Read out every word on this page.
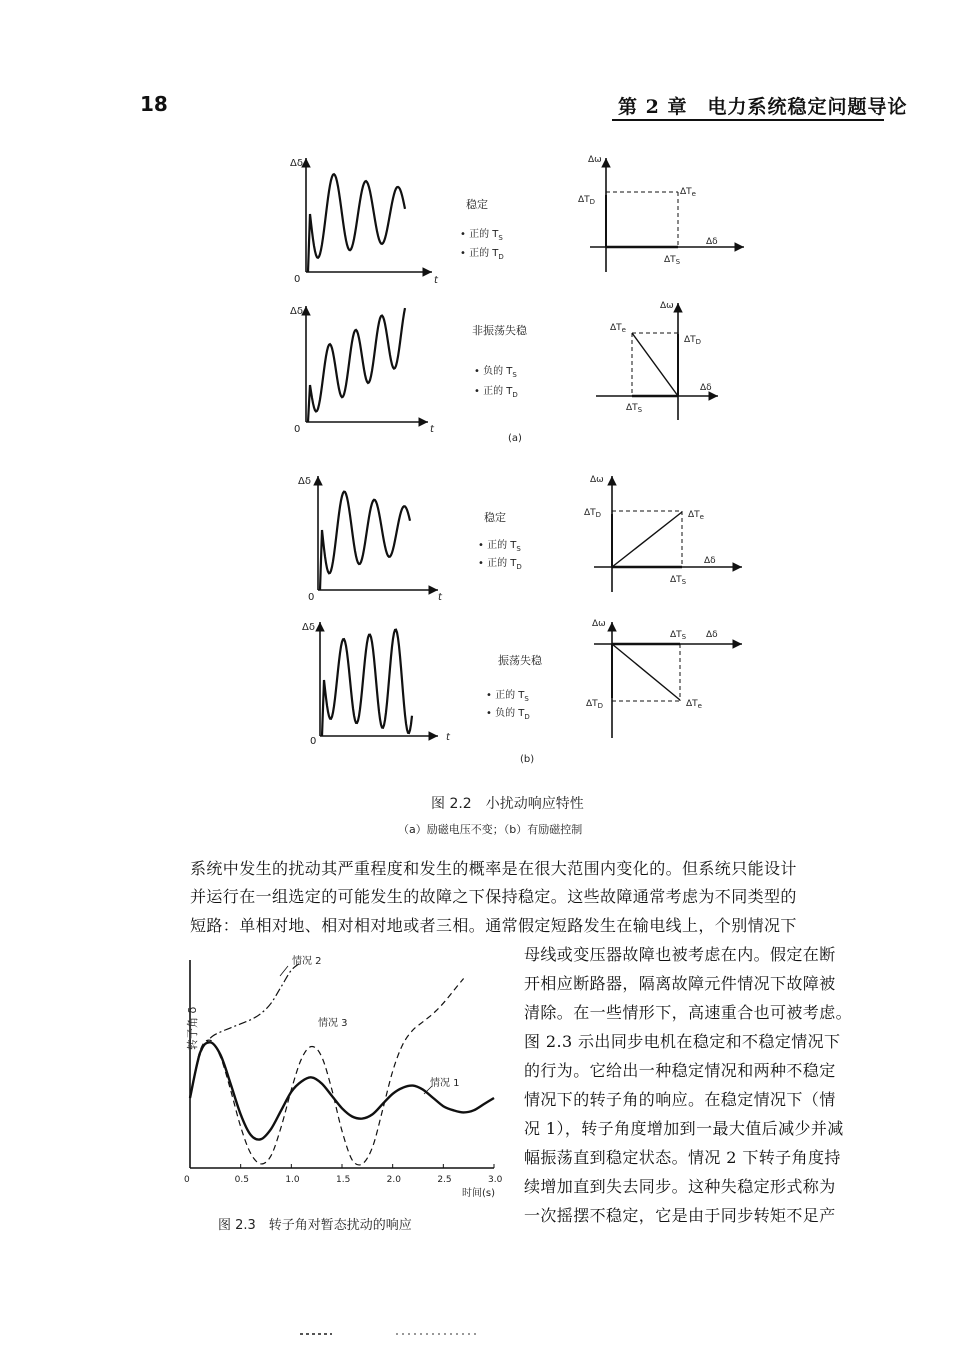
18	第 2 章　电力系统稳定问题导论
Δδ
0	t
稳定
• 正的 $T_S$
• 正的 $T_D$
Δω
$\Delta T_D$
$\Delta T_e$
$\Delta T_S$
Δδ
Δδ
0	t
非振荡失稳
• 负的 $T_S$
• 正的 $T_D$
Δω
$\Delta T_e$
$\Delta T_D$
$\Delta T_S$
Δδ
(a)
Δδ
0	t
稳定
• 正的 $T_S$
• 正的 $T_D$
Δω
$\Delta T_D$	$\Delta T_e$
$\Delta T_S$
Δδ
Δδ
0	t
振荡失稳
• 正的 $T_S$
• 负的 $T_D$
Δω
$\Delta T_D$	$\Delta T_e$
$\Delta T_S$ Δδ
(b)
图 2.2　小扰动响应特性
（a）励磁电压不变；（b）有励磁控制
转子角 δ
时间(s)
0	0.5	1.0	1.5	2.0	2.5	3.0
情况 2
情况 3
情况 1
图 2.3　转子角对暂态扰动的响应
系统中发生的扰动其严重程度和发生的概率是在很大范围内变化的。但系统只能设计
并运行在一组选定的可能发生的故障之下保持稳定。这些故障通常考虑为不同类型的
短路：单相对地、相对相对地或者三相。通常假定短路发生在输电线上，个别情况下
母线或变压器故障也被考虑在内。假定在断
开相应断路器，隔离故障元件情况下故障被
清除。在一些情形下，高速重合也可被考虑。
图 2.3 示出同步电机在稳定和不稳定情况下
的行为。它给出一种稳定情况和两种不稳定
情况下的转子角的响应。在稳定情况下（情
况 1），转子角度增加到一最大值后减少并减
幅振荡直到稳定状态。情况 2 下转子角度持
续增加直到失去同步。这种失稳定形式称为
一次摇摆不稳定，它是由于同步转矩不足产
